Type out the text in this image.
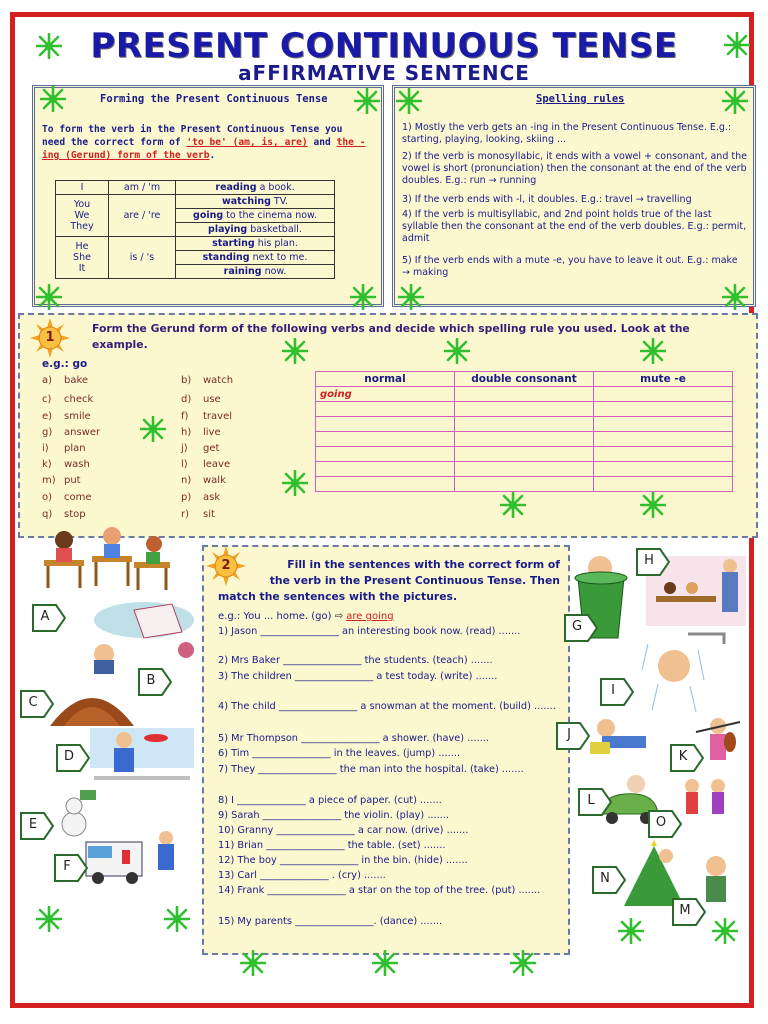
PRESENT CONTINUOUS TENSE
aFFIRMATIVE SENTENCE
Forming the Present Continuous Tense
To form the verb in the Present Continuous Tense you
need the correct form of 'to be' (am, is, are) and the -
ing (Gerund) form of the verb.
I	am / 'm	reading a book.
You
We
They	are / 're	watching TV.
		going to the cinema now.
		playing basketball.
He
She
It	is / 's	starting his plan.
		standing next to me.
		raining now.
Spelling rules
1) Mostly the verb gets an -ing in the Present Continuous Tense. E.g.: starting, playing, looking, skiing ...
2) If the verb is monosyllabic, it ends with a vowel + consonant, and the vowel is short (pronunciation) then the consonant at the end of the verb doubles. E.g.: run → running
3) If the verb ends with -l, it doubles. E.g.: travel → travelling
4) If the verb is multisyllabic, and 2nd point holds true of the last syllable then the consonant at the end of the verb doubles. E.g.: permit, admit
5) If the verb ends with a mute -e, you have to leave it out. E.g.: make → making
1
Form the Gerund form of the following verbs and decide which spelling rule you used. Look at the example.
e.g.: go
a) bake
c) check
e) smile
g) answer
i) plan
k) wash
m) put
o) come
q) stop
b) watch
d) use
f) travel
h) live
j) get
l) leave
n) walk
p) ask
r) sit
normal	double consonant	mute -e
going		

2	Fill in the sentences with the correct form of
the verb in the Present Continuous Tense. Then
match the sentences with the pictures.
e.g.: You ... home. (go) ⇨ are going
1) Jason ________________ an interesting book now. (read) .......
2) Mrs Baker ________________ the students. (teach) .......
3) The children ________________ a test today. (write) .......
4) The child ________________ a snowman at the moment. (build) .......
5) Mr Thompson ________________ a shower. (have) .......
6) Tim ________________ in the leaves. (jump) .......
7) They ________________ the man into the hospital. (take) .......
8) I ______________ a piece of paper. (cut) .......
9) Sarah ________________ the violin. (play) .......
10) Granny ________________ a car now. (drive) .......
11) Brian ________________ the table. (set) .......
12) The boy ________________ in the bin. (hide) .......
13) Carl ______________ . (cry) .......
14) Frank ________________ a star on the top of the tree. (put) .......
15) My parents ________________. (dance) .......
A
B
C
D
E
F
G
H
I
J
K
L
O
N
M
